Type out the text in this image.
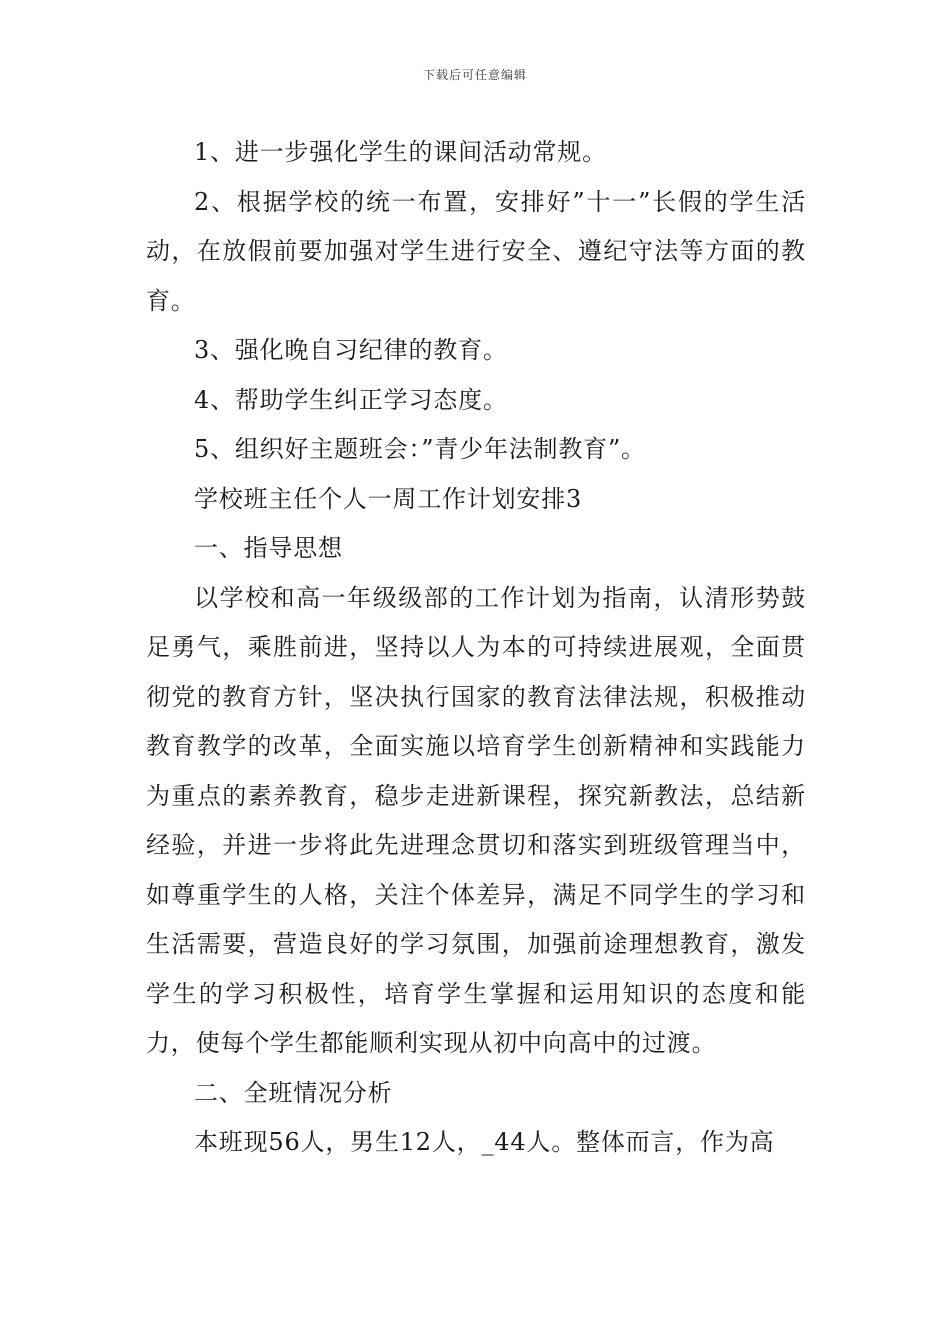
下载后可任意编辑

1、进一步强化学生的课间活动常规。

2、根据学校的统一布置，安排好”十一”长假的学生活动，在放假前要加强对学生进行安全、遵纪守法等方面的教育。

3、强化晚自习纪律的教育。

4、帮助学生纠正学习态度。

5、组织好主题班会：”青少年法制教育”。

学校班主任个人一周工作计划安排3

一、指导思想

以学校和高一年级级部的工作计划为指南，认清形势鼓足勇气，乘胜前进，坚持以人为本的可持续进展观，全面贯彻党的教育方针，坚决执行国家的教育法律法规，积极推动教育教学的改革，全面实施以培育学生创新精神和实践能力为重点的素养教育，稳步走进新课程，探究新教法，总结新经验，并进一步将此先进理念贯切和落实到班级管理当中，如尊重学生的人格，关注个体差异，满足不同学生的学习和生活需要，营造良好的学习氛围，加强前途理想教育，激发学生的学习积极性，培育学生掌握和运用知识的态度和能力，使每个学生都能顺利实现从初中向高中的过渡。

二、全班情况分析

本班现56人，男生12人，_44人。整体而言，作为高
